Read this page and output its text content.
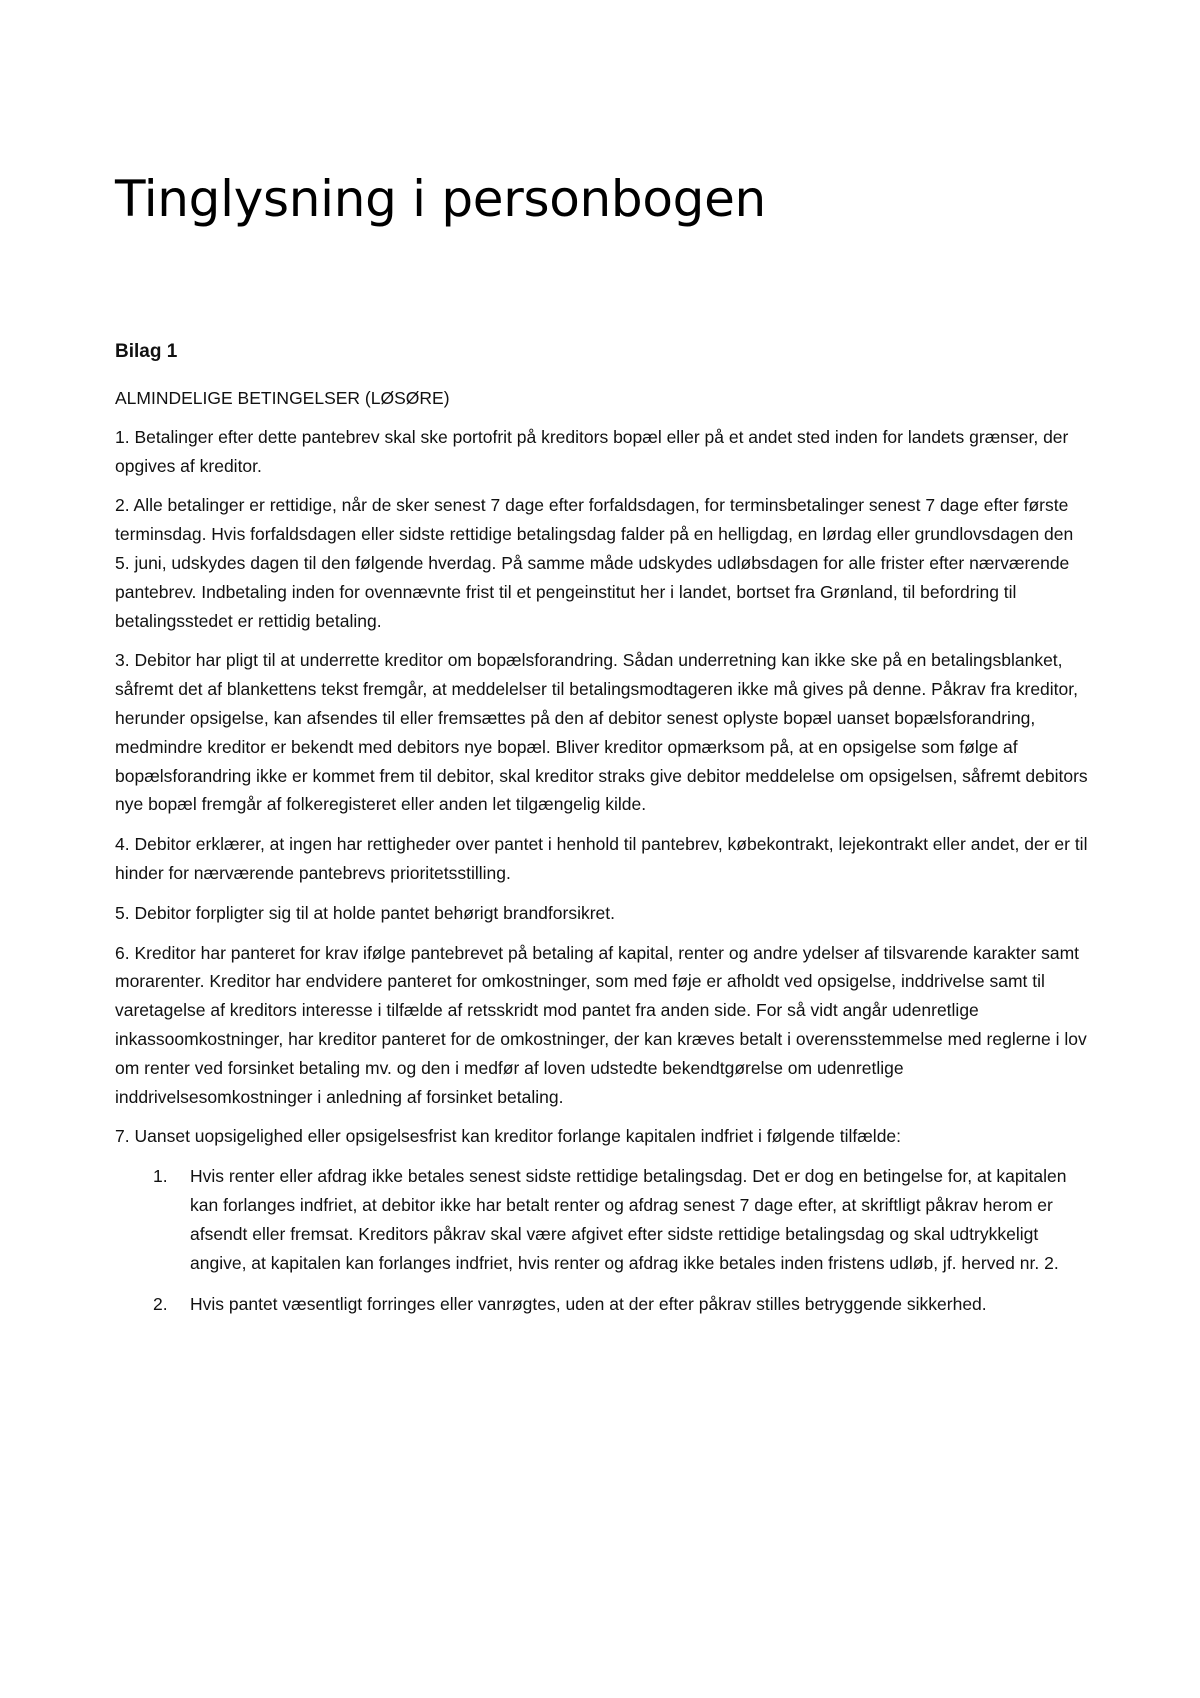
Tinglysning i personbogen

Bilag 1

ALMINDELIGE BETINGELSER (LØSØRE)

1. Betalinger efter dette pantebrev skal ske portofrit på kreditors bopæl eller på et andet sted inden for landets grænser, der opgives af kreditor.

2. Alle betalinger er rettidige, når de sker senest 7 dage efter forfaldsdagen, for terminsbetalinger senest 7 dage efter første terminsdag. Hvis forfaldsdagen eller sidste rettidige betalingsdag falder på en helligdag, en lørdag eller grundlovsdagen den 5. juni, udskydes dagen til den følgende hverdag. På samme måde udskydes udløbsdagen for alle frister efter nærværende pantebrev. Indbetaling inden for ovennævnte frist til et pengeinstitut her i landet, bortset fra Grønland, til befordring til betalingsstedet er rettidig betaling.

3. Debitor har pligt til at underrette kreditor om bopælsforandring. Sådan underretning kan ikke ske på en betalingsblanket, såfremt det af blankettens tekst fremgår, at meddelelser til betalingsmodtageren ikke må gives på denne. Påkrav fra kreditor, herunder opsigelse, kan afsendes til eller fremsættes på den af debitor senest oplyste bopæl uanset bopælsforandring, medmindre kreditor er bekendt med debitors nye bopæl. Bliver kreditor opmærksom på, at en opsigelse som følge af bopælsforandring ikke er kommet frem til debitor, skal kreditor straks give debitor meddelelse om opsigelsen, såfremt debitors nye bopæl fremgår af folkeregisteret eller anden let tilgængelig kilde.

4. Debitor erklærer, at ingen har rettigheder over pantet i henhold til pantebrev, købekontrakt, lejekontrakt eller andet, der er til hinder for nærværende pantebrevs prioritetsstilling.

5. Debitor forpligter sig til at holde pantet behørigt brandforsikret.

6. Kreditor har panteret for krav ifølge pantebrevet på betaling af kapital, renter og andre ydelser af tilsvarende karakter samt morarenter. Kreditor har endvidere panteret for omkostninger, som med føje er afholdt ved opsigelse, inddrivelse samt til varetagelse af kreditors interesse i tilfælde af retsskridt mod pantet fra anden side. For så vidt angår udenretlige inkassoomkostninger, har kreditor panteret for de omkostninger, der kan kræves betalt i overensstemmelse med reglerne i lov om renter ved forsinket betaling mv. og den i medfør af loven udstedte bekendtgørelse om udenretlige inddrivelsesomkostninger i anledning af forsinket betaling.

7. Uanset uopsigelighed eller opsigelsesfrist kan kreditor forlange kapitalen indfriet i følgende tilfælde:

1.	Hvis renter eller afdrag ikke betales senest sidste rettidige betalingsdag. Det er dog en betingelse for, at kapitalen kan forlanges indfriet, at debitor ikke har betalt renter og afdrag senest 7 dage efter, at skriftligt påkrav herom er afsendt eller fremsat. Kreditors påkrav skal være afgivet efter sidste rettidige betalingsdag og skal udtrykkeligt angive, at kapitalen kan forlanges indfriet, hvis renter og afdrag ikke betales inden fristens udløb, jf. herved nr. 2.
2.	Hvis pantet væsentligt forringes eller vanrøgtes, uden at der efter påkrav stilles betryggende sikkerhed.
